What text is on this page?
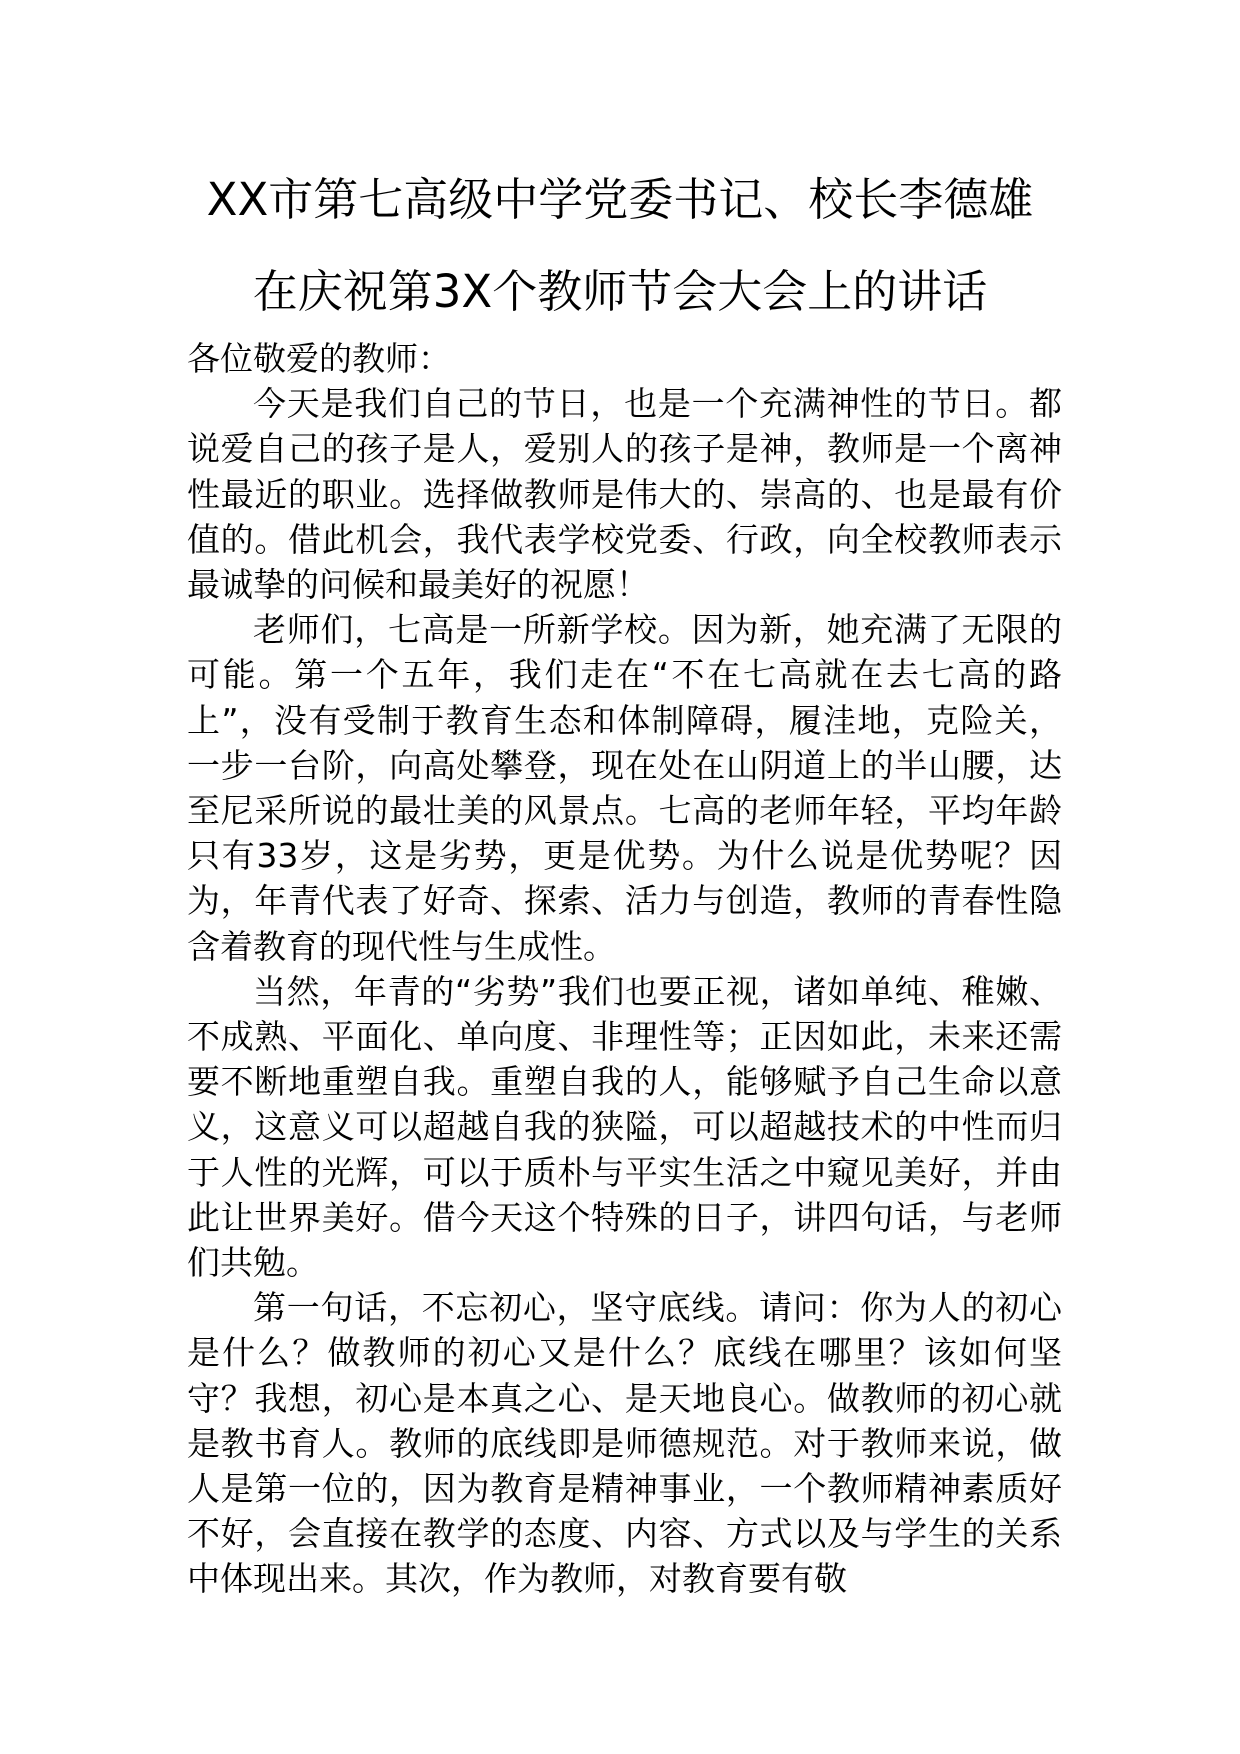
XX市第七高级中学党委书记、校长李德雄
在庆祝第3X个教师节会大会上的讲话

各位敬爱的教师：

今天是我们自己的节日，也是一个充满神性的节日。都说爱自己的孩子是人，爱别人的孩子是神，教师是一个离神性最近的职业。选择做教师是伟大的、崇高的、也是最有价值的。借此机会，我代表学校党委、行政，向全校教师表示最诚挚的问候和最美好的祝愿！

老师们，七高是一所新学校。因为新，她充满了无限的可能。第一个五年，我们走在“不在七高就在去七高的路上”，没有受制于教育生态和体制障碍，履洼地，克险关，一步一台阶，向高处攀登，现在处在山阴道上的半山腰，达至尼采所说的最壮美的风景点。七高的老师年轻，平均年龄只有33岁，这是劣势，更是优势。为什么说是优势呢？因为，年青代表了好奇、探索、活力与创造，教师的青春性隐含着教育的现代性与生成性。

当然，年青的“劣势”我们也要正视，诸如单纯、稚嫩、不成熟、平面化、单向度、非理性等；正因如此，未来还需要不断地重塑自我。重塑自我的人，能够赋予自己生命以意义，这意义可以超越自我的狭隘，可以超越技术的中性而归于人性的光辉，可以于质朴与平实生活之中窥见美好，并由此让世界美好。借今天这个特殊的日子，讲四句话，与老师们共勉。

第一句话，不忘初心，坚守底线。请问：你为人的初心是什么？做教师的初心又是什么？底线在哪里？该如何坚守？我想，初心是本真之心、是天地良心。做教师的初心就是教书育人。教师的底线即是师德规范。对于教师来说，做人是第一位的，因为教育是精神事业，一个教师精神素质好不好，会直接在教学的态度、内容、方式以及与学生的关系中体现出来。其次，作为教师，对教育要有敬
